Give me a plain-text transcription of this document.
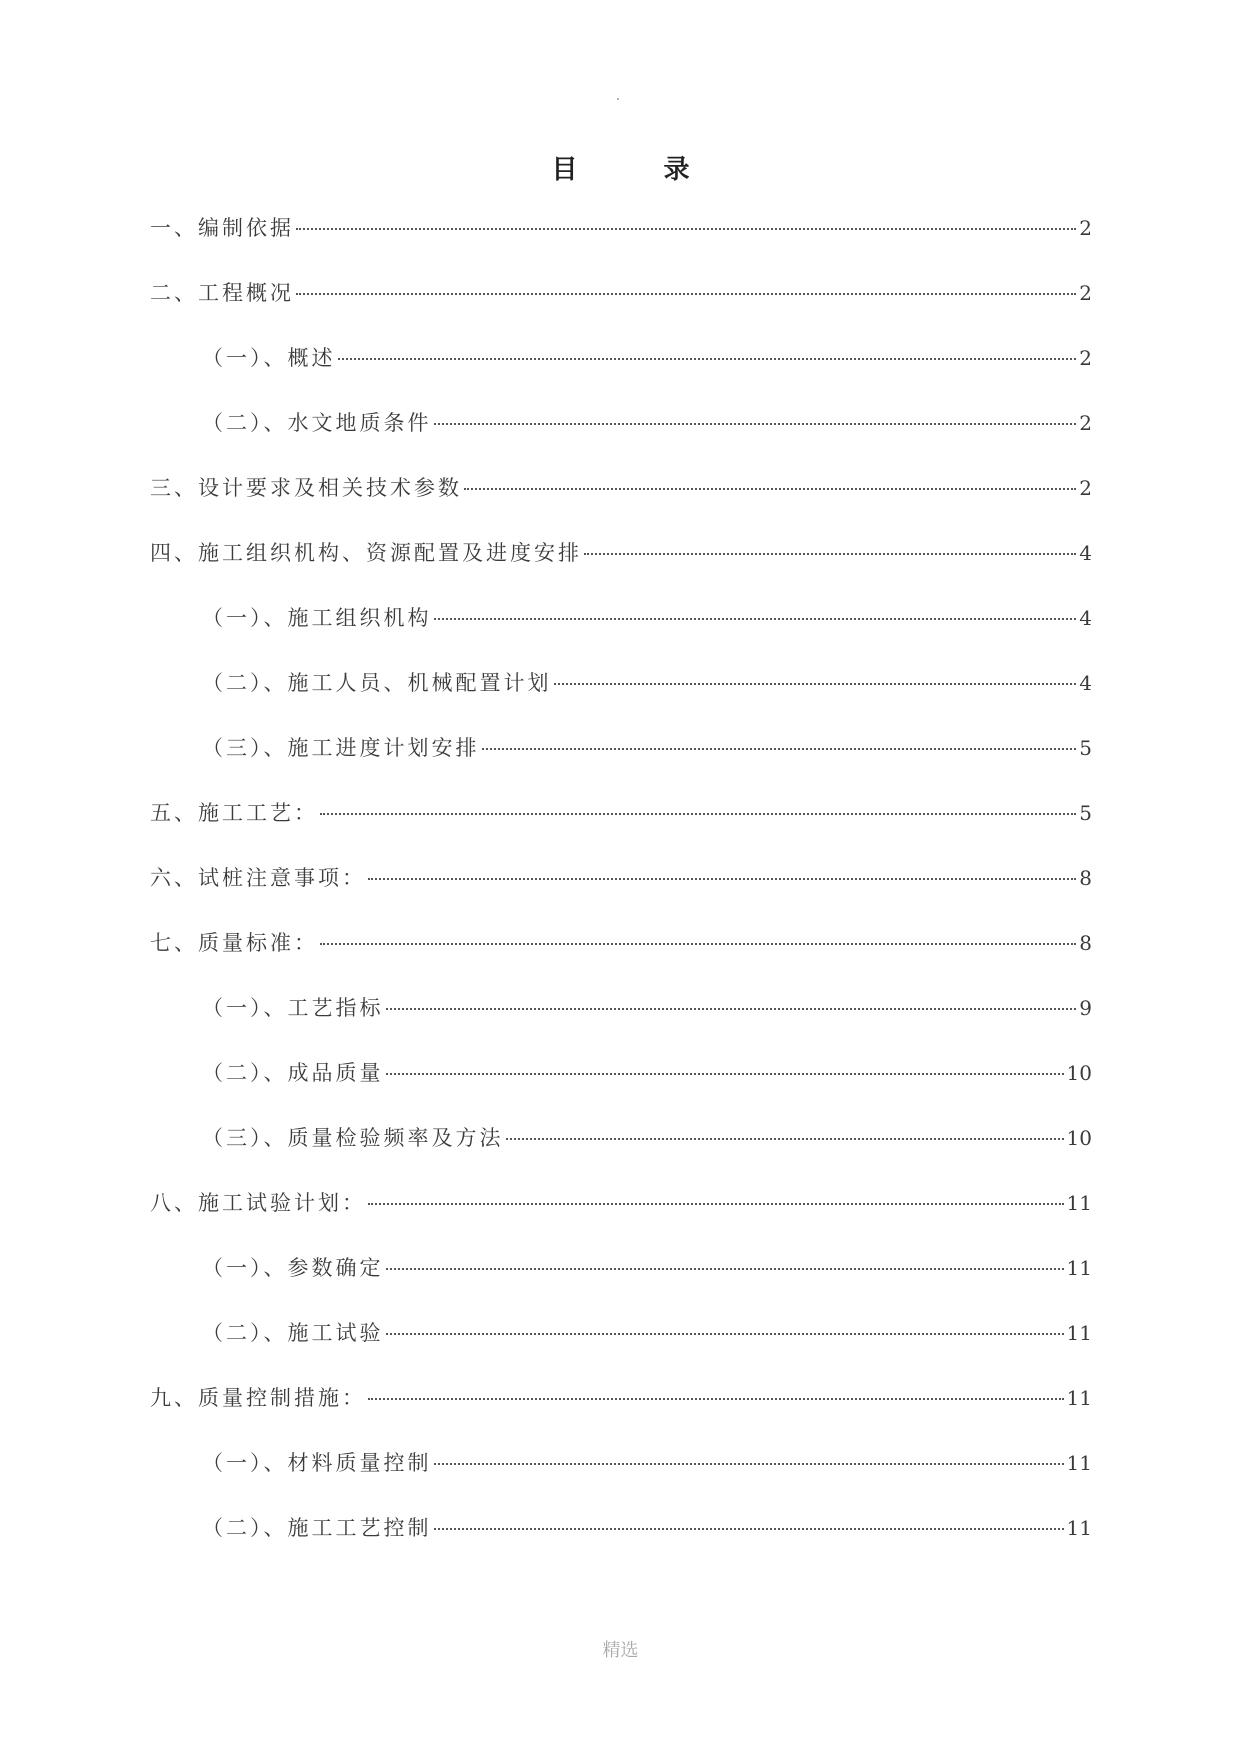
目　录
一、编制依据	2
二、工程概况	2
（一）、概述	2
（二）、水文地质条件	2
三、设计要求及相关技术参数	2
四、施工组织机构、资源配置及进度安排	4
（一）、施工组织机构	4
（二）、施工人员、机械配置计划	4
（三）、施工进度计划安排	5
五、施工工艺：	5
六、试桩注意事项：	8
七、质量标准：	8
（一）、工艺指标	9
（二）、成品质量	10
（三）、质量检验频率及方法	10
八、施工试验计划：	11
（一）、参数确定	11
（二）、施工试验	11
九、质量控制措施：	11
（一）、材料质量控制	11
（二）、施工工艺控制	11
精选
